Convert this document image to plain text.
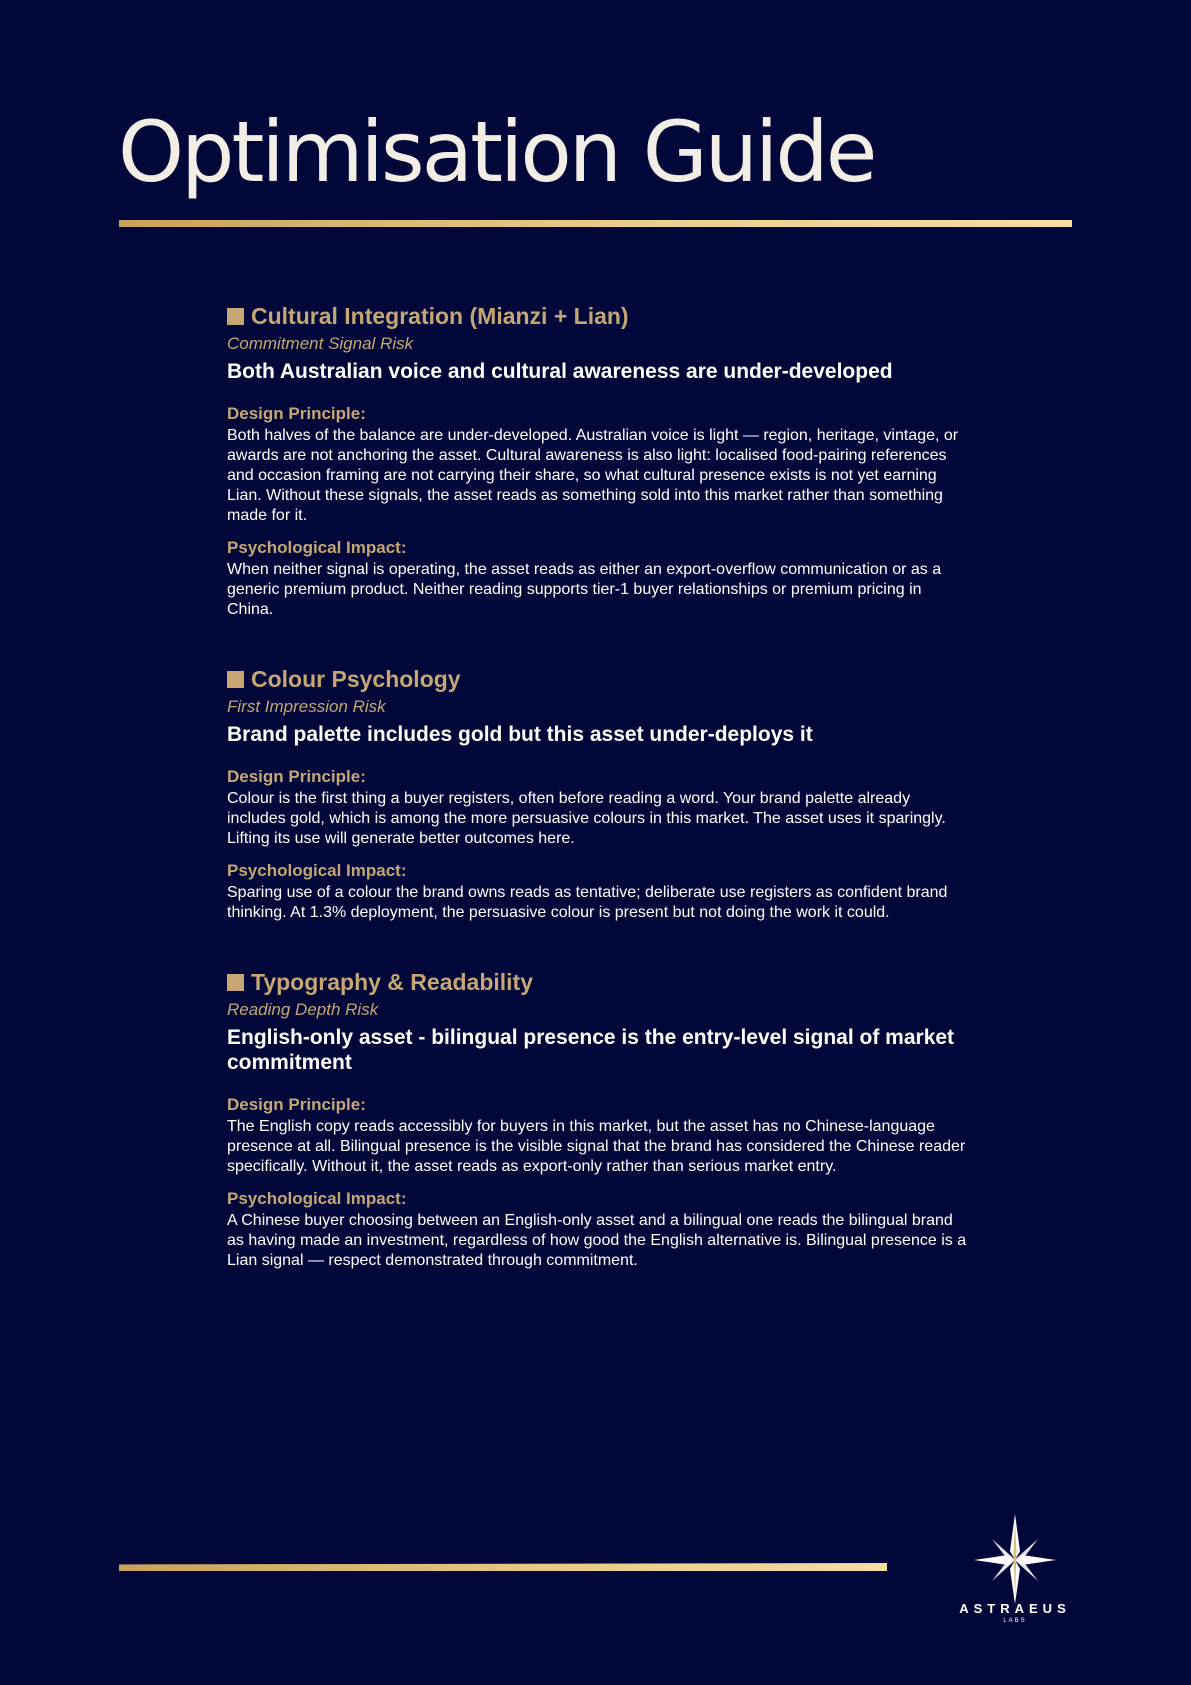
Optimisation Guide
Cultural Integration (Mianzi + Lian)
Commitment Signal Risk
Both Australian voice and cultural awareness are under-developed
Design Principle:
Both halves of the balance are under-developed. Australian voice is light — region, heritage, vintage, or awards are not anchoring the asset. Cultural awareness is also light: localised food-pairing references and occasion framing are not carrying their share, so what cultural presence exists is not yet earning Lian. Without these signals, the asset reads as something sold into this market rather than something made for it.
Psychological Impact:
When neither signal is operating, the asset reads as either an export-overflow communication or as a generic premium product. Neither reading supports tier-1 buyer relationships or premium pricing in China.
Colour Psychology
First Impression Risk
Brand palette includes gold but this asset under-deploys it
Design Principle:
Colour is the first thing a buyer registers, often before reading a word. Your brand palette already includes gold, which is among the more persuasive colours in this market. The asset uses it sparingly. Lifting its use will generate better outcomes here.
Psychological Impact:
Sparing use of a colour the brand owns reads as tentative; deliberate use registers as confident brand thinking. At 1.3% deployment, the persuasive colour is present but not doing the work it could.
Typography & Readability
Reading Depth Risk
English-only asset - bilingual presence is the entry-level signal of market commitment
Design Principle:
The English copy reads accessibly for buyers in this market, but the asset has no Chinese-language presence at all. Bilingual presence is the visible signal that the brand has considered the Chinese reader specifically. Without it, the asset reads as export-only rather than serious market entry.
Psychological Impact:
A Chinese buyer choosing between an English-only asset and a bilingual one reads the bilingual brand as having made an investment, regardless of how good the English alternative is. Bilingual presence is a Lian signal — respect demonstrated through commitment.
ASTRAEUS
LABS
